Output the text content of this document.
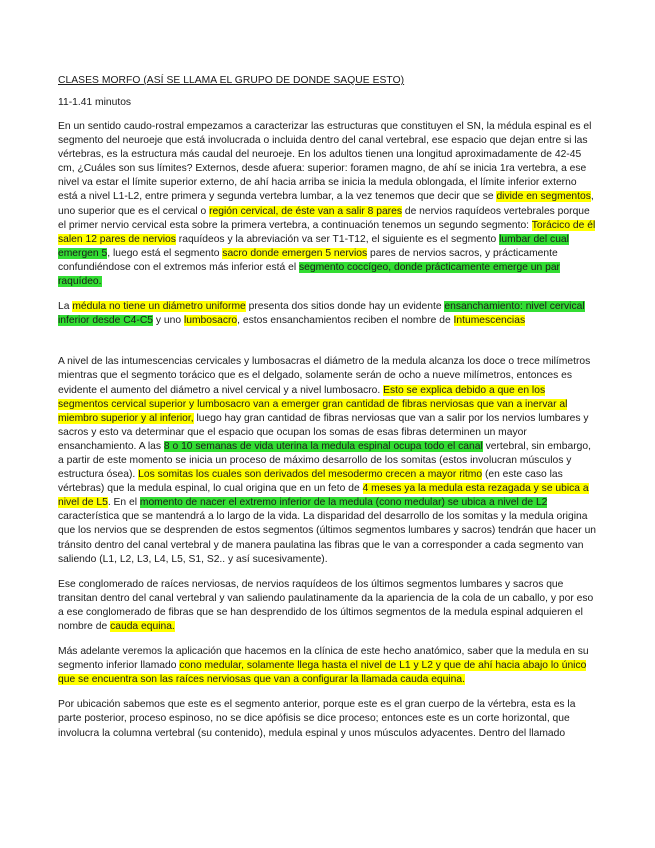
CLASES MORFO (ASÍ SE LLAMA EL GRUPO DE DONDE SAQUE ESTO)

11-1.41 minutos

En un sentido caudo-rostral empezamos a caracterizar las estructuras que constituyen el SN, la médula espinal es el segmento del neuroeje que está involucrada o incluida dentro del canal vertebral, ese espacio que dejan entre si las vértebras, es la estructura más caudal del neuroeje. En los adultos tienen una longitud aproximadamente de 42-45 cm, ¿Cuáles son sus límites? Externos, desde afuera: superior: foramen magno, de ahí se inicia 1ra vertebra, a ese nivel va estar el límite superior externo, de ahí hacia arriba se inicia la medula oblongada, el límite inferior externo está a nivel L1-L2, entre primera y segunda vertebra lumbar, a la vez tenemos que decir que se divide en segmentos, uno superior que es el cervical o región cervical, de éste van a salir 8 pares de nervios raquídeos vertebrales porque el primer nervio cervical esta sobre la primera vertebra, a continuación tenemos un segundo segmento: Torácico de él salen 12 pares de nervios raquídeos y la abreviación va ser T1-T12, el siguiente es el segmento lumbar del cual emergen 5, luego está el segmento sacro donde emergen 5 nervios pares de nervios sacros, y prácticamente confundiéndose con el extremos más inferior está el segmento coccígeo, donde prácticamente emerge un par raquídeo.

La médula no tiene un diámetro uniforme presenta dos sitios donde hay un evidente ensanchamiento: nivel cervical inferior desde C4-C5 y uno lumbosacro, estos ensanchamientos reciben el nombre de Intumescencias

A nivel de las intumescencias cervicales y lumbosacras el diámetro de la medula alcanza los doce o trece milímetros mientras que el segmento torácico que es el delgado, solamente serán de ocho a nueve milímetros, entonces es evidente el aumento del diámetro a nivel cervical y a nivel lumbosacro. Esto se explica debido a que en los segmentos cervical superior y lumbosacro van a emerger gran cantidad de fibras nerviosas que van a inervar al miembro superior y al inferior, luego hay gran cantidad de fibras nerviosas que van a salir por los nervios lumbares y sacros y esto va determinar que el espacio que ocupan los somas de esas fibras determinen un mayor ensanchamiento. A las 8 o 10 semanas de vida uterina la medula espinal ocupa todo el canal vertebral, sin embargo, a partir de este momento se inicia un proceso de máximo desarrollo de los somitas (estos involucran músculos y estructura ósea). Los somitas los cuales son derivados del mesodermo crecen a mayor ritmo (en este caso las vértebras) que la medula espinal, lo cual origina que en un feto de 4 meses ya la medula esta rezagada y se ubica a nivel de L5. En el momento de nacer el extremo inferior de la medula (cono medular) se ubica a nivel de L2 característica que se mantendrá a lo largo de la vida. La disparidad del desarrollo de los somitas y la medula origina que los nervios que se desprenden de estos segmentos (últimos segmentos lumbares y sacros) tendrán que hacer un tránsito dentro del canal vertebral y de manera paulatina las fibras que le van a corresponder a cada segmento van saliendo (L1, L2, L3, L4, L5, S1, S2.. y así sucesivamente).

Ese conglomerado de raíces nerviosas, de nervios raquídeos de los últimos segmentos lumbares y sacros que transitan dentro del canal vertebral y van saliendo paulatinamente da la apariencia de la cola de un caballo, y por eso a ese conglomerado de fibras que se han desprendido de los últimos segmentos de la medula espinal adquieren el nombre de cauda equina.

Más adelante veremos la aplicación que hacemos en la clínica de este hecho anatómico, saber que la medula en su segmento inferior llamado cono medular, solamente llega hasta el nivel de L1 y L2 y que de ahí hacia abajo lo único que se encuentra son las raíces nerviosas que van a configurar la llamada cauda equina.

Por ubicación sabemos que este es el segmento anterior, porque este es el gran cuerpo de la vértebra, esta es la parte posterior, proceso espinoso, no se dice apófisis se dice proceso; entonces este es un corte horizontal, que involucra la columna vertebral (su contenido), medula espinal y unos músculos adyacentes. Dentro del llamado
